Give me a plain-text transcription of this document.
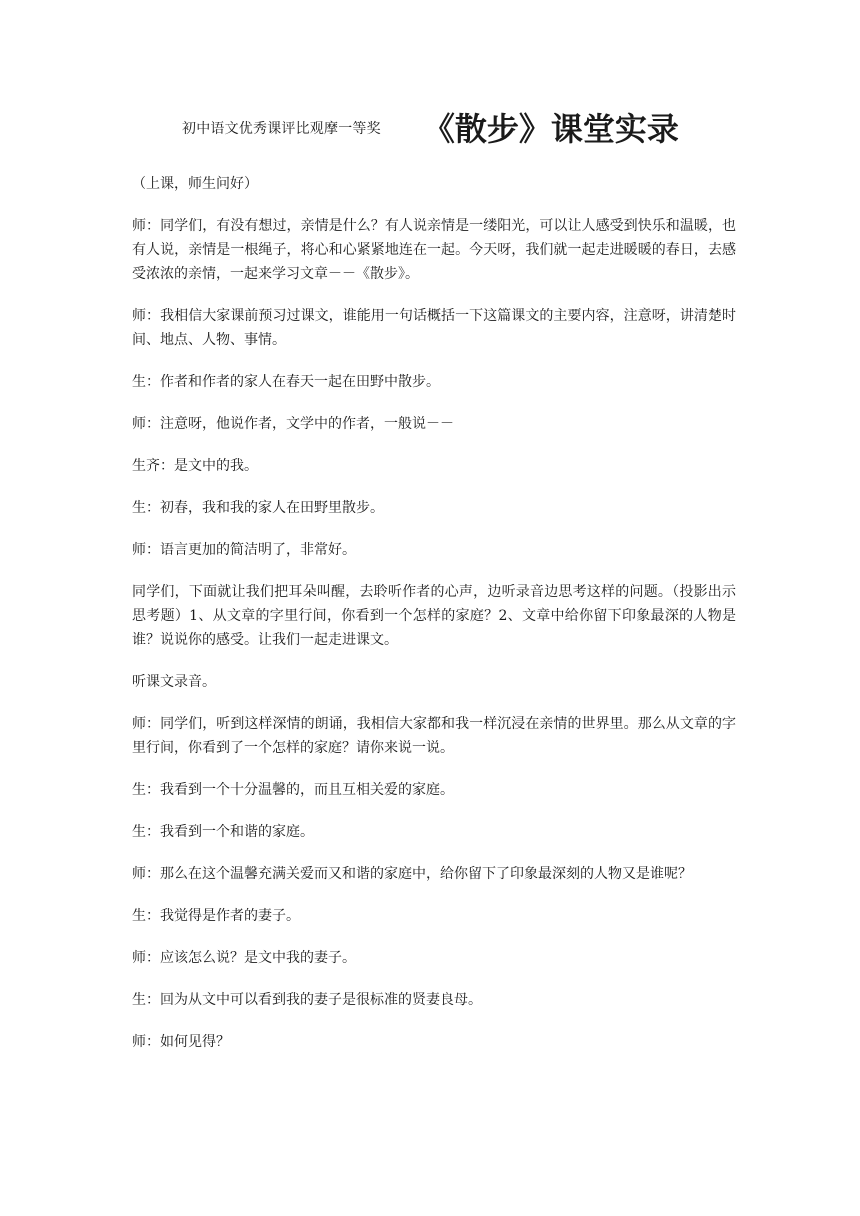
初中语文优秀课评比观摩一等奖 《散步》课堂实录

（上课，师生问好）

师：同学们，有没有想过，亲情是什么？有人说亲情是一缕阳光，可以让人感受到快乐和温暖，也有人说，亲情是一根绳子，将心和心紧紧地连在一起。今天呀，我们就一起走进暖暖的春日，去感受浓浓的亲情，一起来学习文章－－《散步》。

师：我相信大家课前预习过课文，谁能用一句话概括一下这篇课文的主要内容，注意呀，讲清楚时间、地点、人物、事情。

生：作者和作者的家人在春天一起在田野中散步。

师：注意呀，他说作者，文学中的作者，一般说－－

生齐：是文中的我。

生：初春，我和我的家人在田野里散步。

师：语言更加的简洁明了，非常好。

同学们，下面就让我们把耳朵叫醒，去聆听作者的心声，边听录音边思考这样的问题。（投影出示思考题）1、从文章的字里行间，你看到一个怎样的家庭？2、文章中给你留下印象最深的人物是谁？说说你的感受。让我们一起走进课文。

听课文录音。

师：同学们，听到这样深情的朗诵，我相信大家都和我一样沉浸在亲情的世界里。那么从文章的字里行间，你看到了一个怎样的家庭？请你来说一说。

生：我看到一个十分温馨的，而且互相关爱的家庭。

生：我看到一个和谐的家庭。

师：那么在这个温馨充满关爱而又和谐的家庭中，给你留下了印象最深刻的人物又是谁呢？

生：我觉得是作者的妻子。

师：应该怎么说？是文中我的妻子。

生：回为从文中可以看到我的妻子是很标准的贤妻良母。

师：如何见得？
